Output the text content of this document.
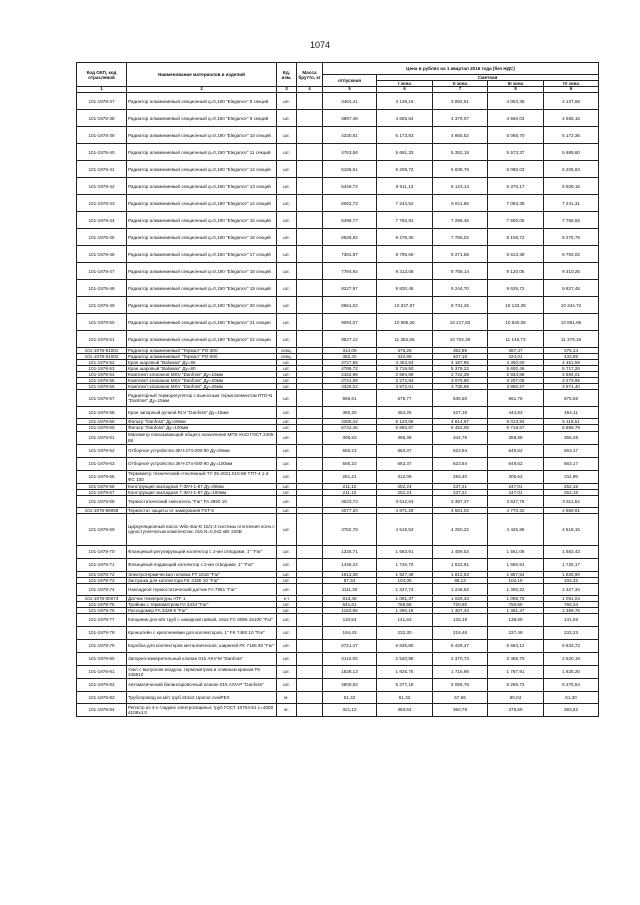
1074
Код ОКП, код отраслевой	Наименование материалов и изделий	Ед. изм.	Масса брутто, кг	Цена в рублях на 1 квартал 2016 года (без НДС)				
				отпускная	Сметная			
					I зона	II зона	III зона	IV зона
1	2	3	4	5	6	7	8	9
101-1978-37	Радиатор алюминиевый секционный q=0,190 "Elegance" 8 секций	шт.		3464,41	4 139,15	3 892,51	4 053,36	4 137,69
101-1978-38	Радиатор алюминиевый секционный q=0,190 "Elegance" 9 секций	шт.		3897,46	4 656,54	4 379,07	4 560,03	4 655,15
101-1978-39	Радиатор алюминиевый секционный q=0,190 "Elegance" 10 секций	шт.		4330,51	5 173,93	4 865,52	5 066,70	5 172,36
101-1978-40	Радиатор алюминиевый секционный q=0,190 "Elegance" 11 секций	шт.		4763,56	5 691,33	5 352,19	5 573,37	5 689,60
101-1978-41	Радиатор алюминиевый секционный q=0,190 "Elegance" 12 секций	шт.		5196,61	6 208,72	5 838,76	6 080,03	6 206,83
101-1978-42	Радиатор алюминиевый секционный q=0,190 "Elegance" 13 секций	шт.		5449,72	6 511,13	6 123,14	6 376,17	6 509,15
101-1978-43	Радиатор алюминиевый секционный q=0,190 "Elegance" 14 секций	шт.		6062,72	7 243,52	6 811,89	7 093,38	7 241,31
101-1978-44	Радиатор алюминиевый секционный q=0,190 "Elegance" 15 секций	шт.		6495,77	7 760,91	7 298,45	7 600,05	7 758,55
101-1978-45	Радиатор алюминиевый секционный q=0,190 "Elegance" 16 секций	шт.		6928,82	8 278,30	7 785,02	8 106,72	8 275,78
101-1978-46	Радиатор алюминиевый секционный q=0,190 "Elegance" 17 секций	шт.		7361,87	8 795,69	8 271,58	8 613,39	8 793,02
101-1978-47	Радиатор алюминиевый секционный q=0,190 "Elegance" 18 секций	шт.		7794,92	9 313,08	8 758,14	9 120,06	9 310,25
101-1978-48	Радиатор алюминиевый секционный q=0,190 "Elegance" 19 секций	шт.		8227,97	9 830,48	9 244,70	9 626,72	9 827,48
101-1978-49	Радиатор алюминиевый секционный q=0,190 "Elegance" 20 секций	шт.		8661,02	10 347,87	9 731,26	10 133,39	10 344,72
101-1978-50	Радиатор алюминиевый секционный q=0,190 "Elegance" 21 секция	шт.		9094,07	10 865,26	10 217,83	10 640,06	10 861,96
101-1978-51	Радиатор алюминиевый секционный q=0,190 "Elegance" 22 секции	шт.		9527,12	11 382,65	10 704,39	11 146,73	11 379,19
101-1978-51001	Радиатор алюминиевый "Термал" РО-300	секц.		314,09	375,25	352,89	367,47	375,14
101-1978-51002	Радиатор алюминиевый "Термал" РО-500	секц.		362,40	432,98	407,18	424,01	432,85
101-1978-52	Кран шаровый "Baloмax" Ду=65	шт.		3727,55	4 453,54	4 187,86	4 360,60	4 451,59
101-1978-53	Кран шаровый "Baloмax" Ду=80	шт.		4789,72	5 719,50	5 378,22	5 600,46	5 717,26
101-1978-54	Комплект клапанов MSV "Danfoss" Ду=15мм	шт.		2422,96	2 894,89	2 722,39	2 834,88	2 894,01
101-1978-55	Комплект клапанов MSV "Danfoss" Ду=20мм	шт.		2741,08	3 274,94	3 079,80	3 207,06	3 273,95
101-1978-56	Комплект клапанов MSV "Danfoss" Ду=25мм	шт.		3325,02	3 972,61	3 735,89	3 890,27	3 971,40
101-1978-57	Радиаторный терморегулятор с выносным термоэлементом RTD-N "Danfoss" Ду=15мм	шт.		565,61	675,77	635,50	661,76	675,56
101-1978-58	Кран запорный ручной RLV "Danfoss" Ду=15мм	шт.		380,20	454,25	427,18	444,83	454,11
101-1978-59	Фильтр "Danfoss" Ду=80мм	шт.		4285,42	5 120,06	4 814,97	5 013,94	5 118,51
101-1978-60	Фильтр "Danfoss" Ду=100мм	шт.		5742,45	6 860,87	6 452,05	6 718,67	6 858,79
101-1978-61	Манометр показывающий общего назначения МП3-Ух10 ГОСТ 2405-88	шт.		306,53	366,38	344,75	358,98	366,48
101-1978-62	Отборное устройство ЗКЧ-274-000-90 Ду=80мм	шт.		555,23	663,37	623,84	649,62	663,17
101-1978-63	Отборное устройство ЗКЧ-274-000-90 Ду=100мм	шт.		555,23	663,37	623,84	649,62	663,17
101-1978-65	Термометр технический стеклянный ТУ 25-2021.010-89 ТТП-4 1-2 ФС 100	шт.		261,21	312,08	293,40	305,62	311,99
101-1978-66	Конструкция закладная 7-ЗКЧ-1-87 Ду=80мм	шт.		211,12	252,24	237,21	247,01	252,16
101-1978-67	Конструкция закладная 7-ЗКЧ-1-87 Ду=100мм	шт.		211,12	252,24	237,21	247,01	252,16
101-1978-68	Термостатический смеситель "Far" FA 3950 10	шт.		3023,73	3 612,64	3 397,37	3 537,76	3 611,54
101-1978-69058	Термостат защиты от замерзания FST-5	шт.		4077,20	4 871,29	4 581,02	4 770,32	4 869,81
101-1978-69	Циркуляционный насос Wilo-star-E 15/1-3 системы отопления полн.с одноступенчатым комплектом, 015 N=0,042 кВт 220В	шт.		3762,78	4 519,53	4 250,22	4 425,86	4 518,15
101-1978-70	Фланцевый регулирующий коллектор с 2-мя отводами, 1" "Far"	шт.		1325,71	1 583,91	1 489,53	1 551,08	1 583,43
101-1978-71	Фланцевый подающий коллектор с 2-мя отводами, 1" "Far"	шт.		1445,22	1 726,70	1 623,81	1 690,91	1 726,17
101-1978-72	Электротермическая головка FT 1918 "Far"	шт.		1613,38	1 927,49	1 812,63	1 887,54	1 926,90
101-1978-73	Заглушка для коллектора FK 4150 10 "Far"	шт.		87,34	104,35	98,13	102,19	104,32
101-1978-74	Накладной термостатический датчик FA 7951 "Far"	шт.		1111,30	1 327,74	1 248,62	1 300,22	1 327,34
101-1978-00074	Датчик температуры ATF 1	к-т		913,46	1 091,37	1 026,34	1 068,75	1 091,04
101-1978-75	Тройник с термометром FA 3434 "Far"	шт.		641,61	766,58	720,90	750,69	766,34
101-1978-76	Расходомер FA 3429 8 "Far"	шт.		1163,58	1 390,18	1 307,34	1 361,37	1 389,76
101-1978-77	Концевик для м/п труб с накидной гайкой, 16х2 FC 6055 16100 "Far"	шт.		118,54	141,63	133,19	138,69	141,59
101-1978-78	Кронштейн с креплениями для коллекторов, 1" FK 7480 10 "Far"	шт.		194,43	232,30	218,46	227,48	232,23
101-1978-79	Коробка для коллекторов металлическая, шириной FK 7155 60 "Far"	шт.		5721,47	6 835,80	6 428,47	6 694,12	6 833,72
101-1978-80	Запорно-измерительный клапан 015 ASV-M "Danfoss"	шт.		2110,00	2 520,95	2 370,73	2 468,70	2 520,18
101-1978-81	Узел с выпуском воздуха, термометром и сливным краном FK 345810	шт.		1528,13	1 825,75	1 716,96	1 787,91	1 825,20
101-1978-82	Автоматический балансировочный клапан 015 ASV-P "Danfoss"	шт.		4500,62	5 377,18	5 056,76	5 265,73	5 375,54
101-1978-83	Трубопровод из м/п труб d16х2 Uponor evalPEX	м.		51,32	61,32	57,66	60,04	61,30
101-1978-84	Регистр из 4-х гладких электросварных труб ГОСТ 10704-91 L=4000 d108х4,0	м.		321,10	383,64	360,78	375,69	383,52
